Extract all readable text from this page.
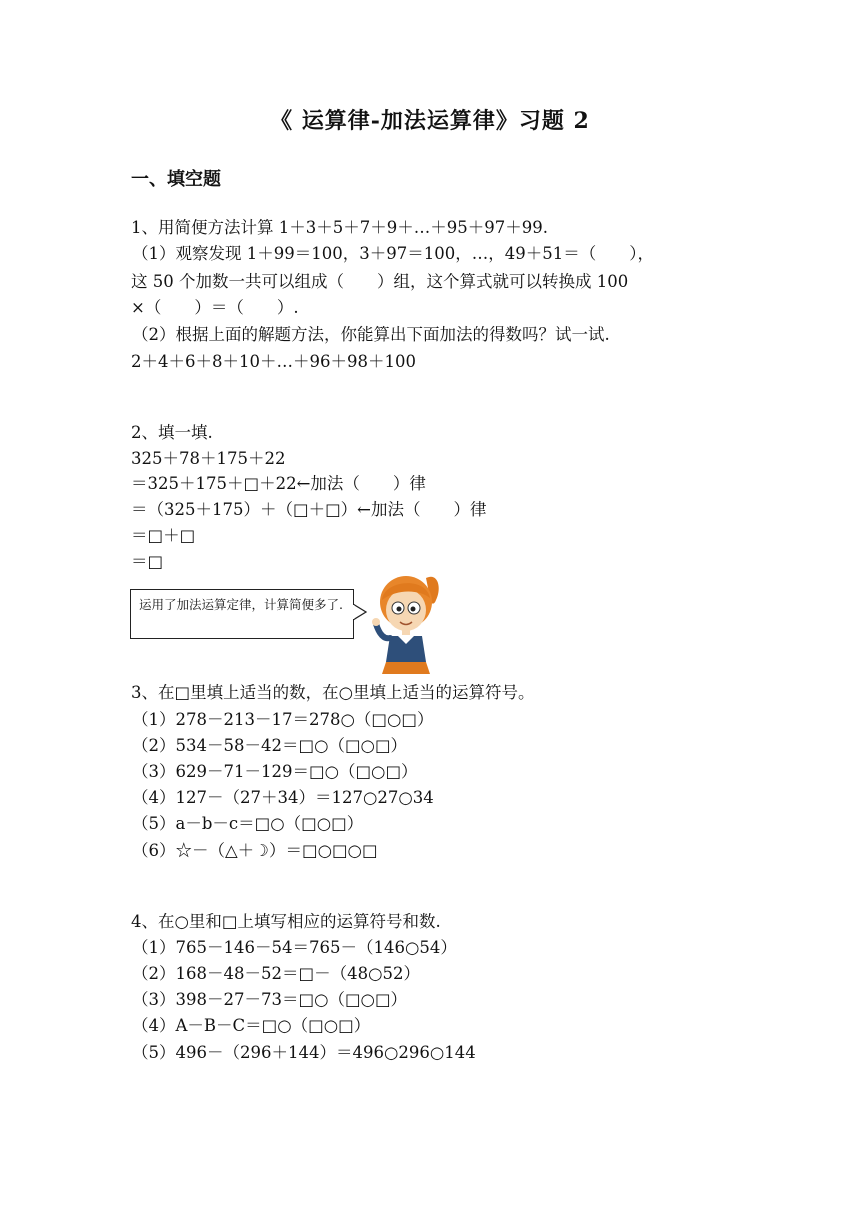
《 运算律-加法运算律》习题 2
一、填空题
1、用简便方法计算 1＋3＋5＋7＋9＋…＋95＋97＋99.
（1）观察发现 1＋99＝100，3＋97＝100，…，49＋51＝（　　），
这 50 个加数一共可以组成（　　）组，这个算式就可以转换成 100
×（　　）＝（　　）.
（2）根据上面的解题方法，你能算出下面加法的得数吗？试一试.
2＋4＋6＋8＋10＋…＋96＋98＋100
2、填一填.
325＋78＋175＋22
＝325＋175＋□＋22←加法（　　）律
＝（325＋175）＋（□＋□）←加法（　　）律
＝□＋□
＝□
运用了加法运算定律，计算简便多了.
3、在□里填上适当的数，在○里填上适当的运算符号。
（1）278－213－17＝278○（□○□）
（2）534－58－42＝□○（□○□）
（3）629－71－129＝□○（□○□）
（4）127－（27＋34）＝127○27○34
（5）a－b－c＝□○（□○□）
（6）☆－（△＋☽）＝□○□○□
4、在○里和□上填写相应的运算符号和数.
（1）765－146－54＝765－（146○54）
（2）168－48－52＝□－（48○52）
（3）398－27－73＝□○（□○□）
（4）A－B－C＝□○（□○□）
（5）496－（296＋144）＝496○296○144
